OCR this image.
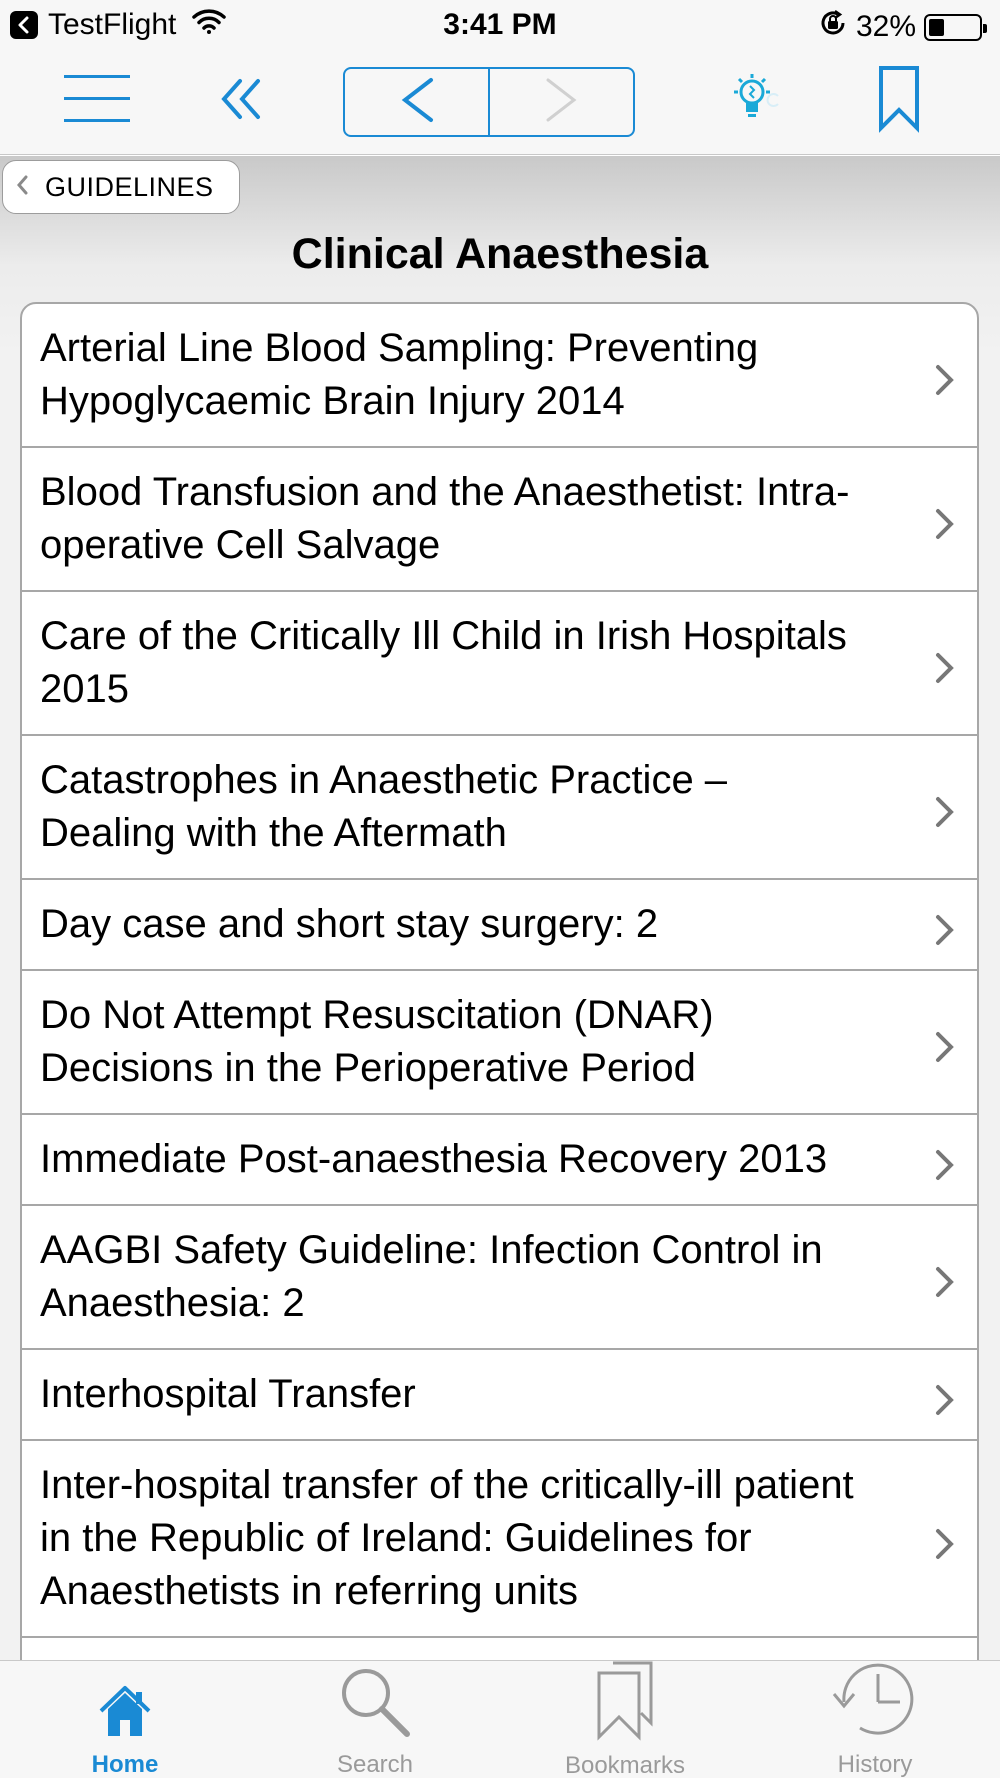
TestFlight	3:41 PM	32%
GUIDELINES
Clinical Anaesthesia
Arterial Line Blood Sampling: Preventing
Hypoglycaemic Brain Injury 2014
Blood Transfusion and the Anaesthetist: Intra-
operative Cell Salvage
Care of the Critically Ill Child in Irish Hospitals
2015
Catastrophes in Anaesthetic Practice –
Dealing with the Aftermath
Day case and short stay surgery: 2
Do Not Attempt Resuscitation (DNAR)
Decisions in the Perioperative Period
Immediate Post-anaesthesia Recovery 2013
AAGBI Safety Guideline: Infection Control in
Anaesthesia: 2
Interhospital Transfer
Inter-hospital transfer of the critically-ill patient
in the Republic of Ireland: Guidelines for
Anaesthetists in referring units
Home	Search	Bookmarks	History
